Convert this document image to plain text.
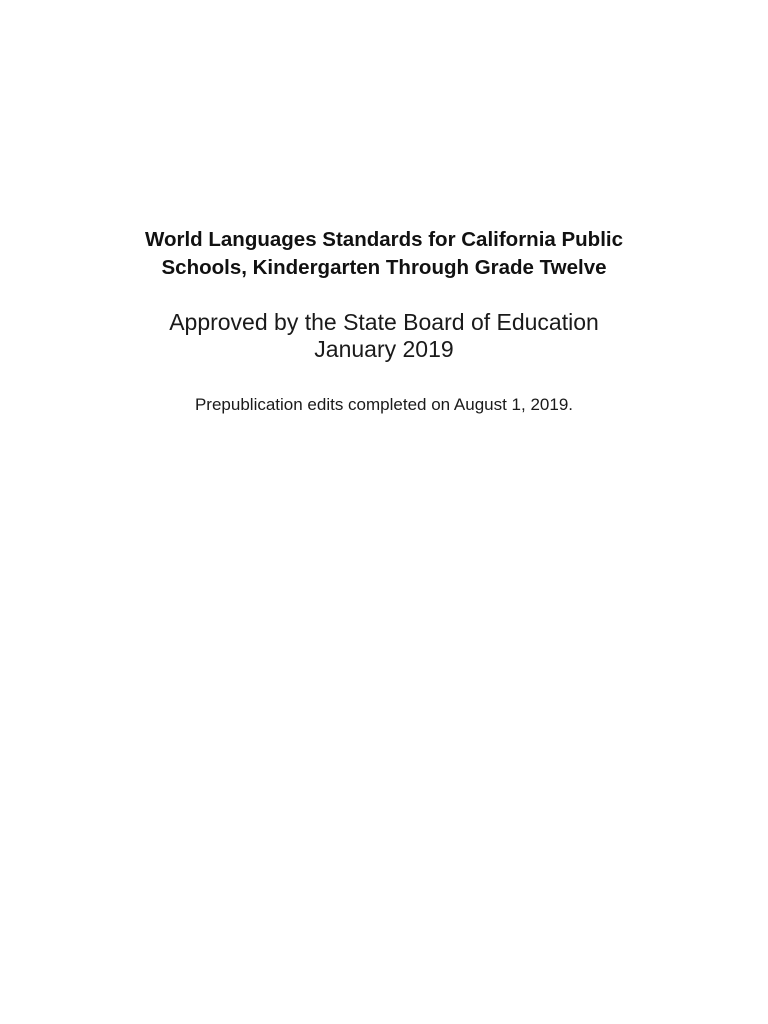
World Languages Standards for California Public

Schools, Kindergarten Through Grade Twelve

Approved by the State Board of Education

January 2019

Prepublication edits completed on August 1, 2019.
